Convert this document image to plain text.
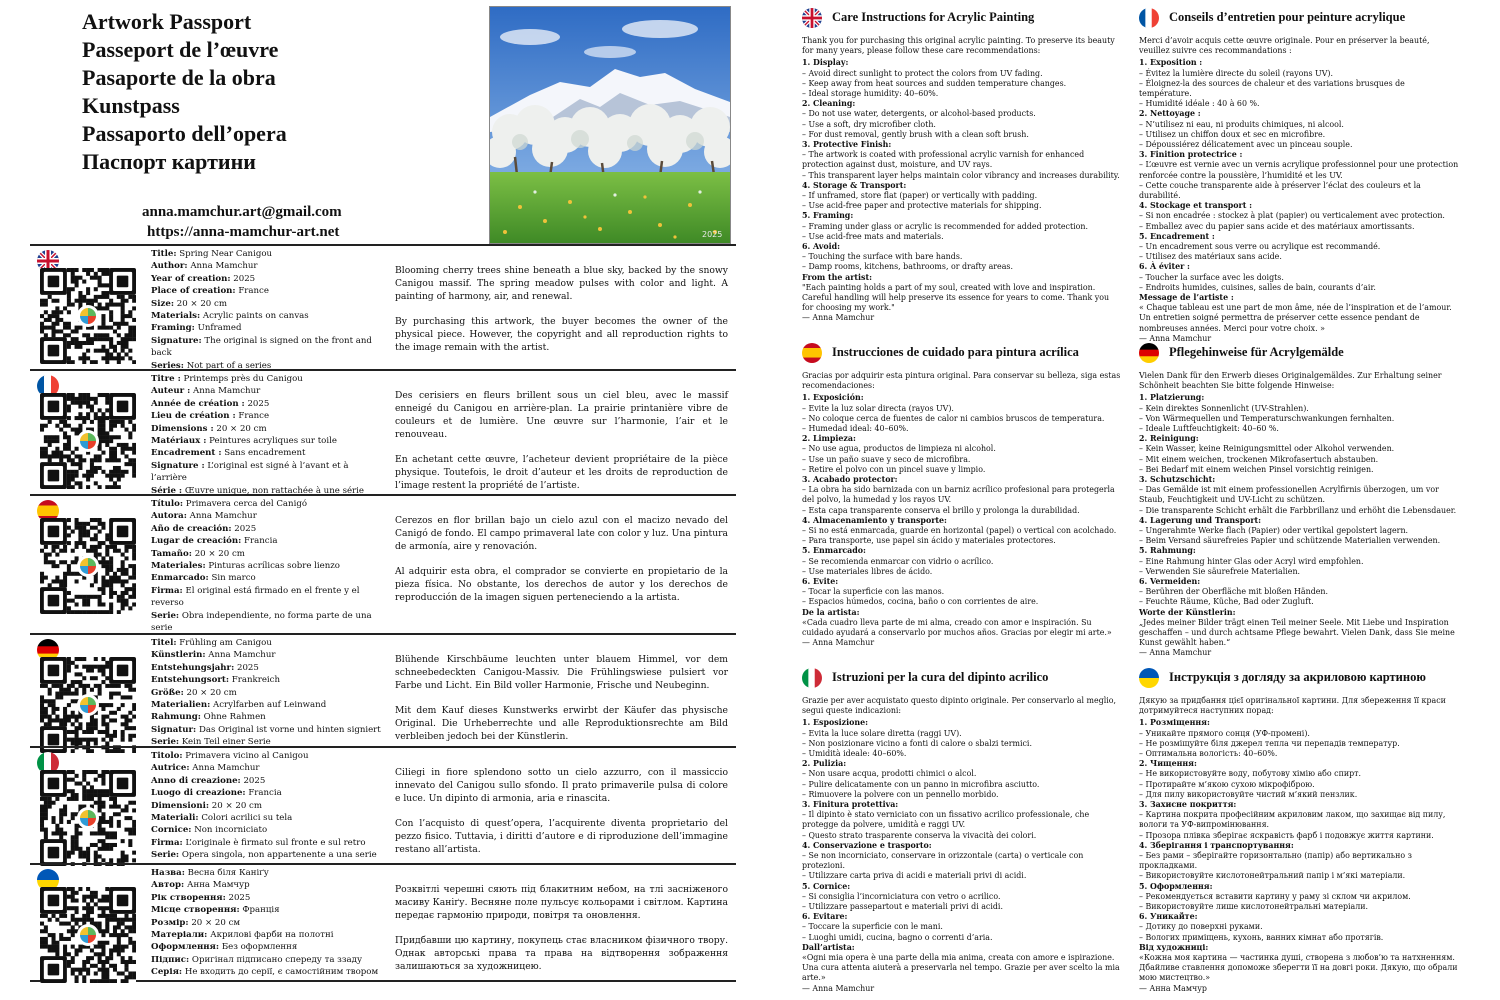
Artwork Passport
Passeport de l’œuvre
Pasaporte de la obra
Kunstpass
Passaporto dell’opera
Паспорт картини
anna.mamchur.art@gmail.com
https://anna-mamchur-art.net	2025
Title: Spring Near Canigou
Author: Anna Mamchur
Year of creation: 2025
Place of creation: France
Size: 20 × 20 cm
Materials: Acrylic paints on canvas
Framing: Unframed
Signature: The original is signed on the front and back
Series: Not part of a series

Blooming cherry trees shine beneath a blue sky, backed by the snowy Canigou massif. The spring meadow pulses with color and light. A painting of harmony, air, and renewal.

By purchasing this artwork, the buyer becomes the owner of the physical piece. However, the copyright and all reproduction rights to the image remain with the artist.

Titre : Printemps près du Canigou
Auteur : Anna Mamchur
Année de création : 2025
Lieu de création : France
Dimensions : 20 × 20 cm
Matériaux : Peintures acryliques sur toile
Encadrement : Sans encadrement
Signature : L’original est signé à l’avant et à l’arrière
Série : Œuvre unique, non rattachée à une série

Des cerisiers en fleurs brillent sous un ciel bleu, avec le massif enneigé du Canigou en arrière-plan. La prairie printanière vibre de couleurs et de lumière. Une œuvre sur l’harmonie, l’air et le renouveau.

En achetant cette œuvre, l’acheteur devient propriétaire de la pièce physique. Toutefois, le droit d’auteur et les droits de reproduction de l’image restent la propriété de l’artiste.

Título: Primavera cerca del Canigó
Autora: Anna Mamchur
Año de creación: 2025
Lugar de creación: Francia
Tamaño: 20 × 20 cm
Materiales: Pinturas acrílicas sobre lienzo
Enmarcado: Sin marco
Firma: El original está firmado en el frente y el reverso
Serie: Obra independiente, no forma parte de una serie

Cerezos en flor brillan bajo un cielo azul con el macizo nevado del Canigó de fondo. El campo primaveral late con color y luz. Una pintura de armonía, aire y renovación.

Al adquirir esta obra, el comprador se convierte en propietario de la pieza física. No obstante, los derechos de autor y los derechos de reproducción de la imagen siguen perteneciendo a la artista.

Titel: Frühling am Canigou
Künstlerin: Anna Mamchur
Entstehungsjahr: 2025
Entstehungsort: Frankreich
Größe: 20 × 20 cm
Materialien: Acrylfarben auf Leinwand
Rahmung: Ohne Rahmen
Signatur: Das Original ist vorne und hinten signiert
Serie: Kein Teil einer Serie

Blühende Kirschbäume leuchten unter blauem Himmel, vor dem schneebedeckten Canigou-Massiv. Die Frühlingswiese pulsiert vor Farbe und Licht. Ein Bild voller Harmonie, Frische und Neubeginn.

Mit dem Kauf dieses Kunstwerks erwirbt der Käufer das physische Original. Die Urheberrechte und alle Reproduktionsrechte am Bild verbleiben jedoch bei der Künstlerin.

Titolo: Primavera vicino al Canigou
Autrice: Anna Mamchur
Anno di creazione: 2025
Luogo di creazione: Francia
Dimensioni: 20 × 20 cm
Materiali: Colori acrilici su tela
Cornice: Non incorniciato
Firma: L’originale è firmato sul fronte e sul retro
Serie: Opera singola, non appartenente a una serie

Ciliegi in fiore splendono sotto un cielo azzurro, con il massiccio innevato del Canigou sullo sfondo. Il prato primaverile pulsa di colore e luce. Un dipinto di armonia, aria e rinascita.

Con l’acquisto di quest’opera, l’acquirente diventa proprietario del pezzo fisico. Tuttavia, i diritti d’autore e di riproduzione dell’immagine restano all’artista.

Назва: Весна біля Каніґу
Автор: Анна Мамчур
Рік створення: 2025
Місце створення: Франція
Розмір: 20 × 20 см
Матеріали: Акрилові фарби на полотні
Оформлення: Без оформлення
Підпис: Оригінал підписано спереду та ззаду
Серія: Не входить до серії, є самостійним твором

Розквітлі черешні сяють під блакитним небом, на тлі засніженого масиву Каніґу. Весняне поле пульсує кольорами і світлом. Картина передає гармонію природи, повітря та оновлення.

Придбавши цю картину, покупець стає власником фізичного твору. Однак авторські права та права на відтворення зображення залишаються за художницею.

Care Instructions for Acrylic Painting

Thank you for purchasing this original acrylic painting. To preserve its beauty for many years, please follow these care recommendations:

1. Display:

– Avoid direct sunlight to protect the colors from UV fading.

– Keep away from heat sources and sudden temperature changes.

– Ideal storage humidity: 40–60%.

2. Cleaning:

– Do not use water, detergents, or alcohol-based products.

– Use a soft, dry microfiber cloth.

– For dust removal, gently brush with a clean soft brush.

3. Protective Finish:

– The artwork is coated with professional acrylic varnish for enhanced protection against dust, moisture, and UV rays.

– This transparent layer helps maintain color vibrancy and increases durability.

4. Storage & Transport:

– If unframed, store flat (paper) or vertically with padding.

– Use acid-free paper and protective materials for shipping.

5. Framing:

– Framing under glass or acrylic is recommended for added protection.

– Use acid-free mats and materials.

6. Avoid:

– Touching the surface with bare hands.

– Damp rooms, kitchens, bathrooms, or drafty areas.

From the artist:

"Each painting holds a part of my soul, created with love and inspiration. Careful handling will help preserve its essence for years to come. Thank you for choosing my work."

— Anna Mamchur

Conseils d’entretien pour peinture acrylique

Merci d’avoir acquis cette œuvre originale. Pour en préserver la beauté, veuillez suivre ces recommandations :

1. Exposition :

– Évitez la lumière directe du soleil (rayons UV).

– Éloignez-la des sources de chaleur et des variations brusques de température.

– Humidité idéale : 40 à 60 %.

2. Nettoyage :

– N’utilisez ni eau, ni produits chimiques, ni alcool.

– Utilisez un chiffon doux et sec en microfibre.

– Dépoussiérez délicatement avec un pinceau souple.

3. Finition protectrice :

– L’œuvre est vernie avec un vernis acrylique professionnel pour une protection renforcée contre la poussière, l’humidité et les UV.

– Cette couche transparente aide à préserver l’éclat des couleurs et la durabilité.

4. Stockage et transport :

– Si non encadrée : stockez à plat (papier) ou verticalement avec protection.

– Emballez avec du papier sans acide et des matériaux amortissants.

5. Encadrement :

– Un encadrement sous verre ou acrylique est recommandé.

– Utilisez des matériaux sans acide.

6. À éviter :

– Toucher la surface avec les doigts.

– Endroits humides, cuisines, salles de bain, courants d’air.

Message de l’artiste :

« Chaque tableau est une part de mon âme, née de l’inspiration et de l’amour. Un entretien soigné permettra de préserver cette essence pendant de nombreuses années. Merci pour votre choix. »

— Anna Mamchur

Instrucciones de cuidado para pintura acrílica

Gracias por adquirir esta pintura original. Para conservar su belleza, siga estas recomendaciones:

1. Exposición:

– Evite la luz solar directa (rayos UV).

– No coloque cerca de fuentes de calor ni cambios bruscos de temperatura.

– Humedad ideal: 40–60%.

2. Limpieza:

– No use agua, productos de limpieza ni alcohol.

– Use un paño suave y seco de microfibra.

– Retire el polvo con un pincel suave y limpio.

3. Acabado protector:

– La obra ha sido barnizada con un barniz acrílico profesional para protegerla del polvo, la humedad y los rayos UV.

– Esta capa transparente conserva el brillo y prolonga la durabilidad.

4. Almacenamiento y transporte:

– Si no está enmarcada, guarde en horizontal (papel) o vertical con acolchado.

– Para transporte, use papel sin ácido y materiales protectores.

5. Enmarcado:

– Se recomienda enmarcar con vidrio o acrílico.

– Use materiales libres de ácido.

6. Evite:

– Tocar la superficie con las manos.

– Espacios húmedos, cocina, baño o con corrientes de aire.

De la artista:

«Cada cuadro lleva parte de mi alma, creado con amor e inspiración. Su cuidado ayudará a conservarlo por muchos años. Gracias por elegir mi arte.»

— Anna Mamchur

Pflegehinweise für Acrylgemälde

Vielen Dank für den Erwerb dieses Originalgemäldes. Zur Erhaltung seiner Schönheit beachten Sie bitte folgende Hinweise:

1. Platzierung:

– Kein direktes Sonnenlicht (UV-Strahlen).

– Von Wärmequellen und Temperaturschwankungen fernhalten.

– Ideale Luftfeuchtigkeit: 40–60 %.

2. Reinigung:

– Kein Wasser, keine Reinigungsmittel oder Alkohol verwenden.

– Mit einem weichen, trockenen Mikrofasertuch abstauben.

– Bei Bedarf mit einem weichen Pinsel vorsichtig reinigen.

3. Schutzschicht:

– Das Gemälde ist mit einem professionellen Acrylfirnis überzogen, um vor Staub, Feuchtigkeit und UV-Licht zu schützen.

– Die transparente Schicht erhält die Farbbrillanz und erhöht die Lebensdauer.

4. Lagerung und Transport:

– Ungerahmte Werke flach (Papier) oder vertikal gepolstert lagern.

– Beim Versand säurefreies Papier und schützende Materialien verwenden.

5. Rahmung:

– Eine Rahmung hinter Glas oder Acryl wird empfohlen.

– Verwenden Sie säurefreie Materialien.

6. Vermeiden:

– Berühren der Oberfläche mit bloßen Händen.

– Feuchte Räume, Küche, Bad oder Zugluft.

Worte der Künstlerin:

„Jedes meiner Bilder trägt einen Teil meiner Seele. Mit Liebe und Inspiration geschaffen – und durch achtsame Pflege bewahrt. Vielen Dank, dass Sie meine Kunst gewählt haben.“

— Anna Mamchur

Istruzioni per la cura del dipinto acrilico

Grazie per aver acquistato questo dipinto originale. Per conservarlo al meglio, segui queste indicazioni:

1. Esposizione:

– Evita la luce solare diretta (raggi UV).

– Non posizionare vicino a fonti di calore o sbalzi termici.

– Umidità ideale: 40–60%.

2. Pulizia:

– Non usare acqua, prodotti chimici o alcol.

– Pulire delicatamente con un panno in microfibra asciutto.

– Rimuovere la polvere con un pennello morbido.

3. Finitura protettiva:

– Il dipinto è stato verniciato con un fissativo acrilico professionale, che protegge da polvere, umidità e raggi UV.

– Questo strato trasparente conserva la vivacità dei colori.

4. Conservazione e trasporto:

– Se non incorniciato, conservare in orizzontale (carta) o verticale con protezioni.

– Utilizzare carta priva di acidi e materiali privi di acidi.

5. Cornice:

– Si consiglia l’incorniciatura con vetro o acrilico.

– Utilizzare passepartout e materiali privi di acidi.

6. Evitare:

– Toccare la superficie con le mani.

– Luoghi umidi, cucina, bagno o correnti d’aria.

Dall’artista:

«Ogni mia opera è una parte della mia anima, creata con amore e ispirazione. Una cura attenta aiuterà a preservarla nel tempo. Grazie per aver scelto la mia arte.»

— Anna Mamchur

Інструкція з догляду за акриловою картиною

Дякую за придбання цієї оригінальної картини. Для збереження її краси дотримуйтеся наступних порад:

1. Розміщення:

– Уникайте прямого сонця (УФ-промені).

– Не розміщуйте біля джерел тепла чи перепадів температур.

– Оптимальна вологість: 40–60%.

2. Чищення:

– Не використовуйте воду, побутову хімію або спирт.

– Протирайте м’якою сухою мікрофіброю.

– Для пилу використовуйте чистий м’який пензлик.

3. Захисне покриття:

– Картина покрита професійним акриловим лаком, що захищає від пилу, вологи та УФ-випромінювання.

– Прозора плівка зберігає яскравість фарб і подовжує життя картини.

4. Зберігання і транспортування:

– Без рами – зберігайте горизонтально (папір) або вертикально з прокладками.

– Використовуйте кислотонейтральний папір і м’які матеріали.

5. Оформлення:

– Рекомендується вставити картину у раму зі склом чи акрилом.

– Використовуйте лише кислотонейтральні матеріали.

6. Уникайте:

– Дотику до поверхні руками.

– Вологих приміщень, кухонь, ванних кімнат або протягів.

Від художниці:

«Кожна моя картина — частинка душі, створена з любов’ю та натхненням. Дбайливе ставлення допоможе зберегти її на довгі роки. Дякую, що обрали мою мистецтво.»

— Анна Мамчур
